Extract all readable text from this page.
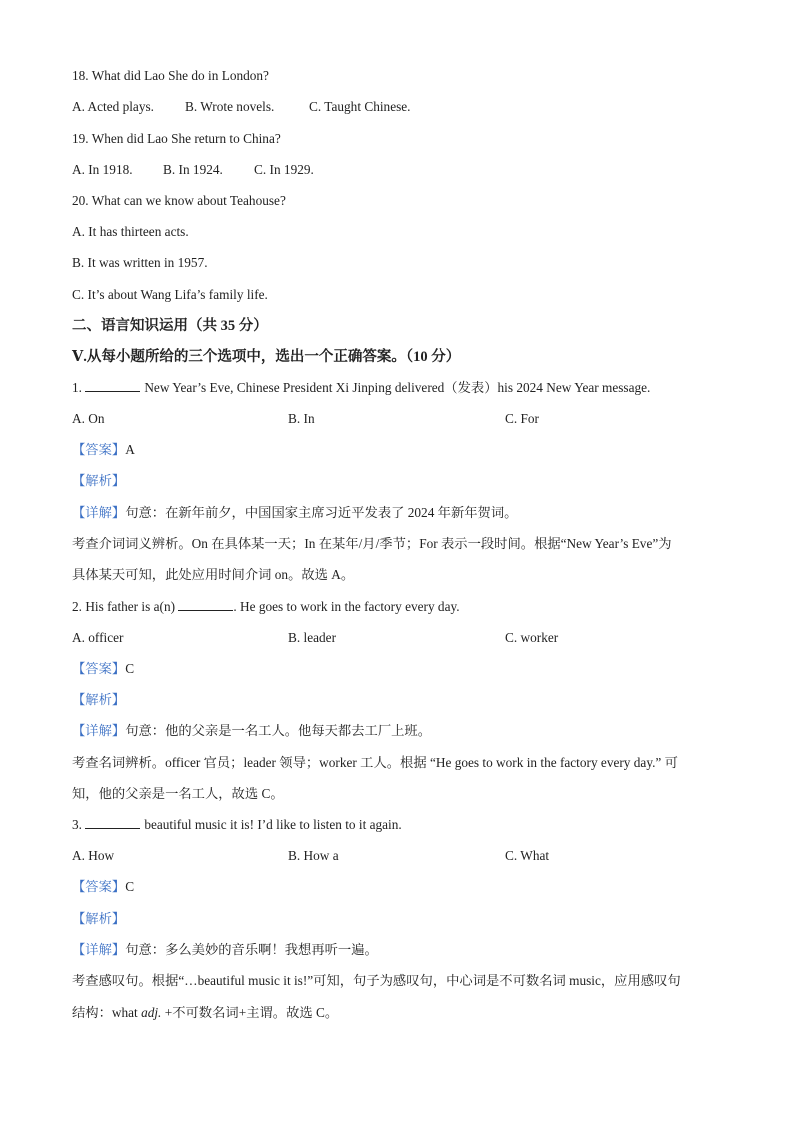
18. What did Lao She do in London?
A. Acted plays. B. Wrote novels.	C. Taught Chinese.
19. When did Lao She return to China?
A. In 1918. B. In 1924. C. In 1929.
20. What can we know about Teahouse?
A. It has thirteen acts.
B. It was written in 1957.
C. It’s about Wang Lifa’s family life.
二、语言知识运用（共 35 分）
Ⅴ.从每小题所给的三个选项中，选出一个正确答案。（10 分）
1.	New Year’s Eve, Chinese President Xi Jinping delivered（发表）his 2024 New Year message.
A. On	B. In	C. For
【答案】A
【解析】
【详解】句意：在新年前夕，中国国家主席习近平发表了 2024 年新年贺词。
考查介词词义辨析。On 在具体某一天；In 在某年/月/季节；For 表示一段时间。根据“New Year’s Eve”为
具体某天可知，此处应用时间介词 on。故选 A。
2. His father is a(n)	. He goes to work in the factory every day.
A. officer	B. leader	C. worker
【答案】C
【解析】
【详解】句意：他的父亲是一名工人。他每天都去工厂上班。
考查名词辨析。officer 官员；leader 领导；worker 工人。根据 “He goes to work in the factory every day.” 可
知，他的父亲是一名工人，故选 C。
3.	beautiful music it is! I’d like to listen to it again.
A. How	B. How a	C. What
【答案】C
【解析】
【详解】句意：多么美妙的音乐啊！我想再听一遍。
考查感叹句。根据“…beautiful music it is!”可知，句子为感叹句，中心词是不可数名词 music，应用感叹句
结构：what adj. +不可数名词+主谓。故选 C。
